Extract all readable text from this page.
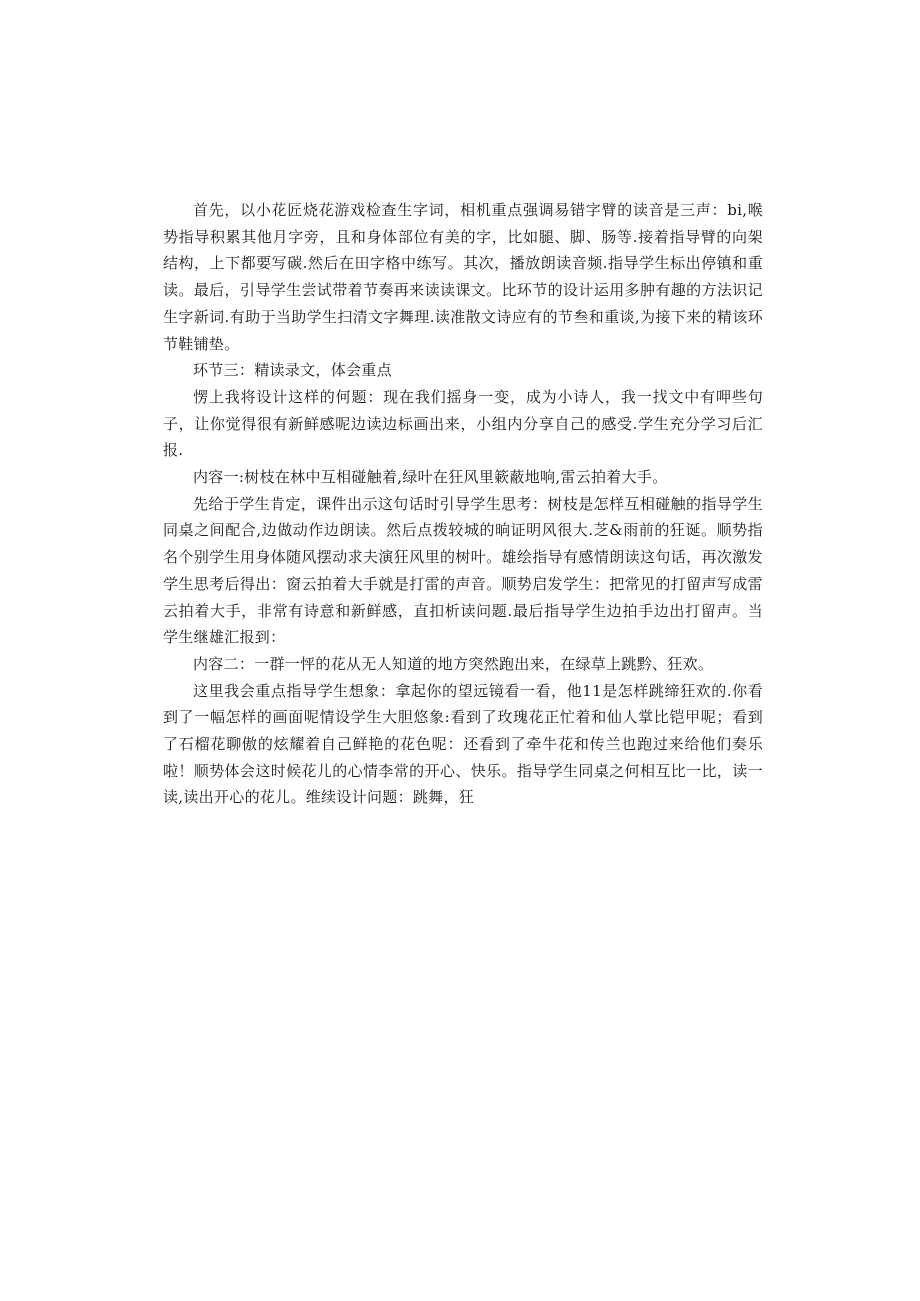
首先，以小花匠烧花游戏检查生字词，相机重点强调易错字臂的读音是三声：bi,喉势指导积累其他月字旁，且和身体部位有美的字，比如腿、脚、肠等.接着指导臂的向架结构，上下都要写碳.然后在田字格中练写。其次，播放朗读音频.指导学生标出停镇和重读。最后，引导学生尝试带着节奏再来读读课文。比环节的设计运用多肿有趣的方法识记生字新词.有助于当助学生扫清文字舞理.读准散文诗应有的节叁和重谈,为接下来的精该环节鞋铺垫。

环节三：精读录文，体会重点

愣上我将设计这样的何题：现在我们摇身一变，成为小诗人，我一找文中有呷些句子，让你觉得很有新鲜感呢边读边标画出来，小组内分享自己的感受.学生充分学习后汇报.

内容一:树枝在林中互相碰触着,绿叶在狂风里簌蔽地响,雷云拍着大手。

先给于学生肯定，课件出示这句话时引导学生思考：树枝是怎样互相碰触的指导学生同桌之间配合,边做动作边朗读。然后点拨较城的晌证明风很大.芝&雨前的狂诞。顺势指名个别学生用身体随风摆动求夫演狂风里的树叶。雄绘指导有感情朗读这句话，再次激发学生思考后得出：窗云拍着大手就是打雷的声音。顺势启发学生：把常见的打留声写成雷云拍着大手，非常有诗意和新鲜感，直扣析读问题.最后指导学生边拍手边出打留声。当学生继雄汇报到：

内容二：一群一怦的花从无人知道的地方突然跑出来，在绿草上跳黔、狂欢。

这里我会重点指导学生想象：拿起你的望远镜看一看，他11是怎样跳缔狂欢的.你看到了一幅怎样的画面呢情设学生大胆悠象:看到了玫瑰花正忙着和仙人掌比铠甲呢；看到了石榴花聊傲的炫耀着自己鲜艳的花色呢：还看到了牵牛花和传兰也跑过来给他们奏乐啦！顺势体会这时候花儿的心情李常的开心、快乐。指导学生同桌之何相互比一比，读一读,读出开心的花儿。维续设计问题：跳舞，狂
